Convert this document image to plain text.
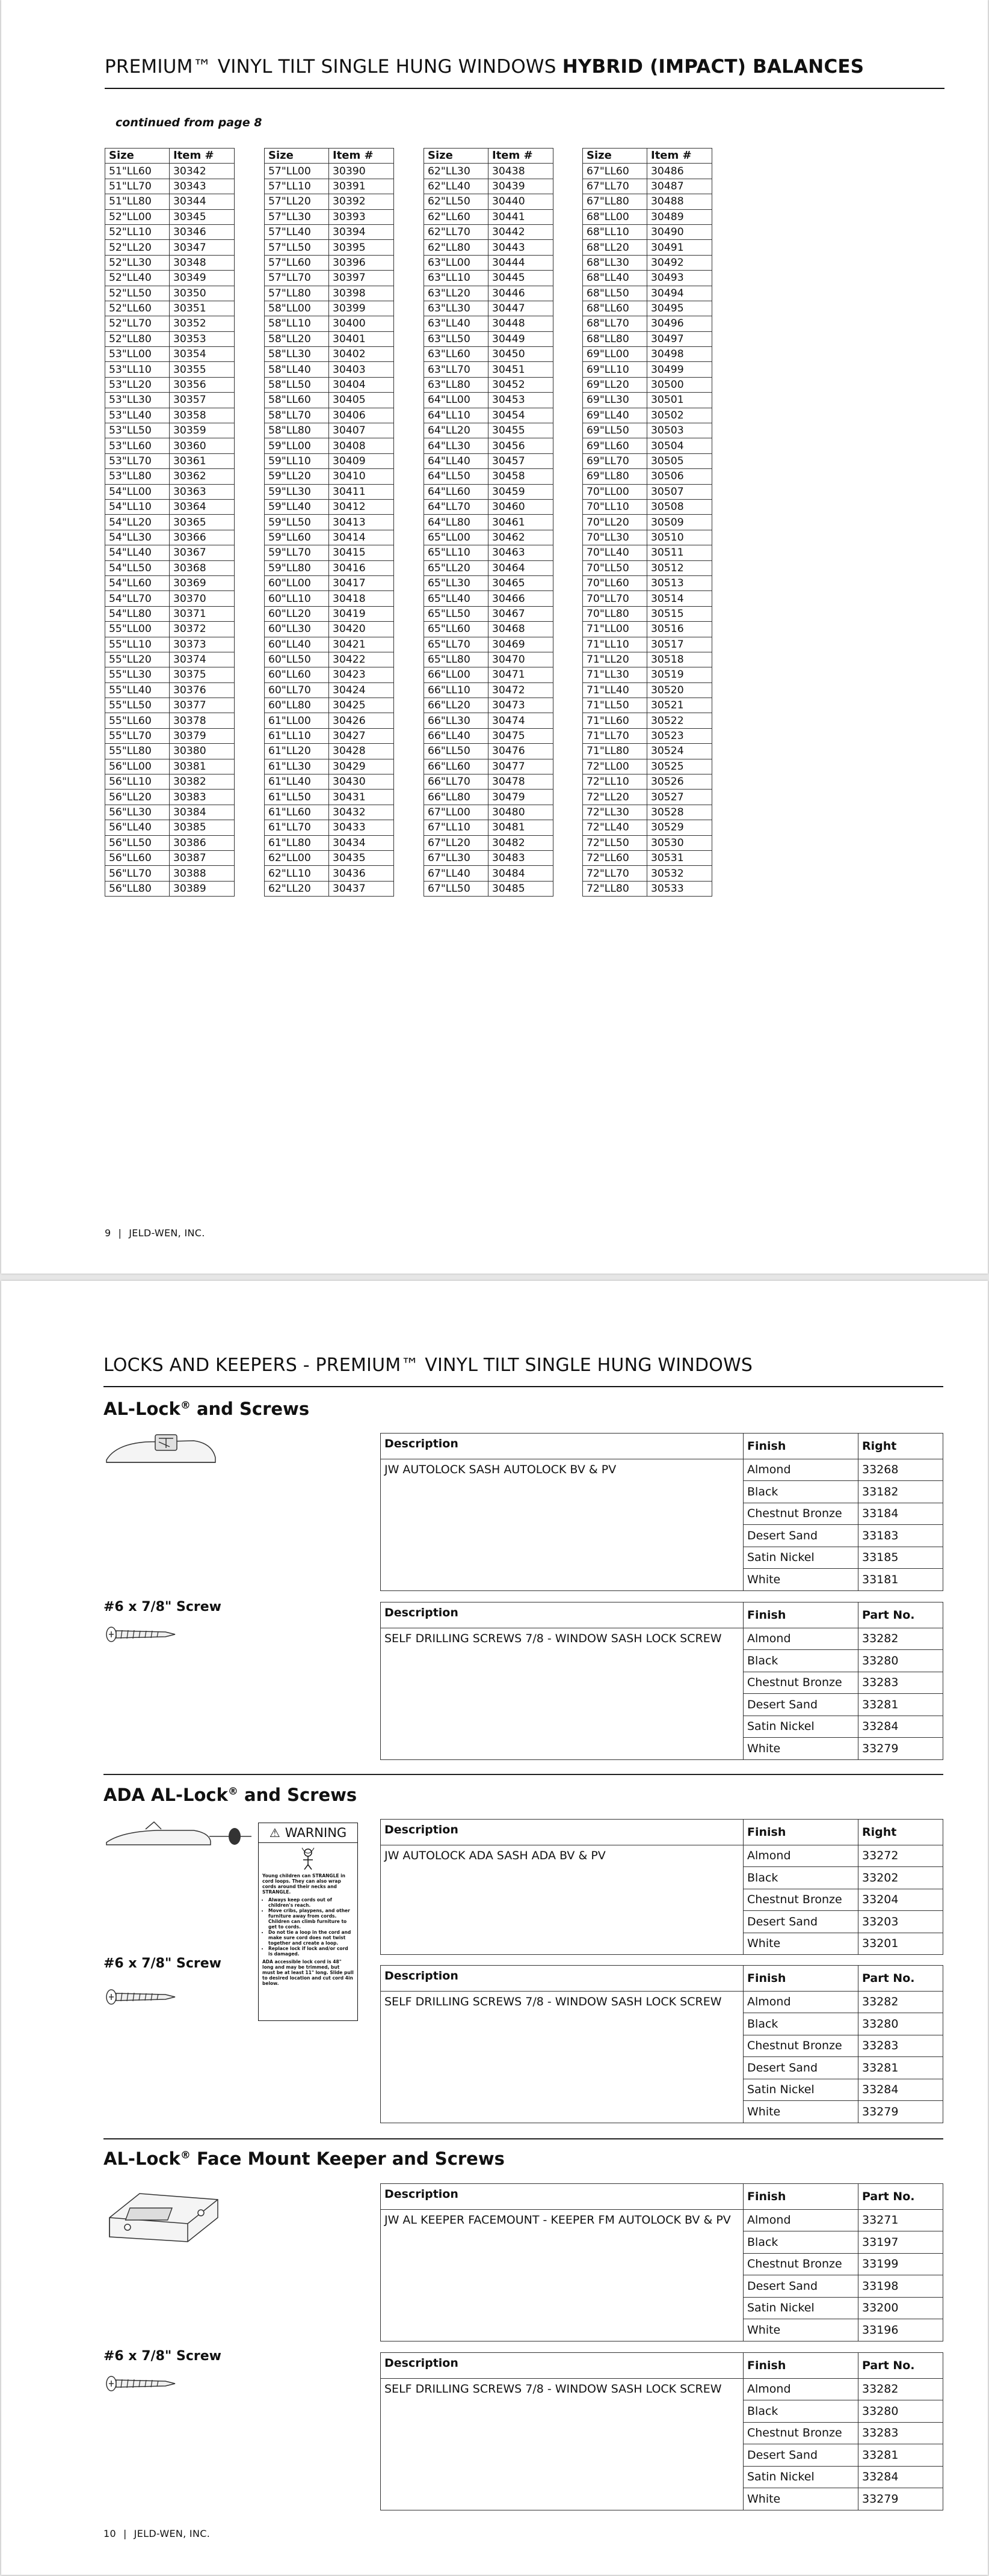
PREMIUM™ VINYL TILT SINGLE HUNG WINDOWS HYBRID (IMPACT) BALANCES
continued from page 8
Size	Item #
51"LL60	30342
51"LL70	30343
51"LL80	30344
52"LL00	30345
52"LL10	30346
52"LL20	30347
52"LL30	30348
52"LL40	30349
52"LL50	30350
52"LL60	30351
52"LL70	30352
52"LL80	30353
53"LL00	30354
53"LL10	30355
53"LL20	30356
53"LL30	30357
53"LL40	30358
53"LL50	30359
53"LL60	30360
53"LL70	30361
53"LL80	30362
54"LL00	30363
54"LL10	30364
54"LL20	30365
54"LL30	30366
54"LL40	30367
54"LL50	30368
54"LL60	30369
54"LL70	30370
54"LL80	30371
55"LL00	30372
55"LL10	30373
55"LL20	30374
55"LL30	30375
55"LL40	30376
55"LL50	30377
55"LL60	30378
55"LL70	30379
55"LL80	30380
56"LL00	30381
56"LL10	30382
56"LL20	30383
56"LL30	30384
56"LL40	30385
56"LL50	30386
56"LL60	30387
56"LL70	30388
56"LL80	30389
Size	Item #
57"LL00	30390
57"LL10	30391
57"LL20	30392
57"LL30	30393
57"LL40	30394
57"LL50	30395
57"LL60	30396
57"LL70	30397
57"LL80	30398
58"LL00	30399
58"LL10	30400
58"LL20	30401
58"LL30	30402
58"LL40	30403
58"LL50	30404
58"LL60	30405
58"LL70	30406
58"LL80	30407
59"LL00	30408
59"LL10	30409
59"LL20	30410
59"LL30	30411
59"LL40	30412
59"LL50	30413
59"LL60	30414
59"LL70	30415
59"LL80	30416
60"LL00	30417
60"LL10	30418
60"LL20	30419
60"LL30	30420
60"LL40	30421
60"LL50	30422
60"LL60	30423
60"LL70	30424
60"LL80	30425
61"LL00	30426
61"LL10	30427
61"LL20	30428
61"LL30	30429
61"LL40	30430
61"LL50	30431
61"LL60	30432
61"LL70	30433
61"LL80	30434
62"LL00	30435
62"LL10	30436
62"LL20	30437
Size	Item #
62"LL30	30438
62"LL40	30439
62"LL50	30440
62"LL60	30441
62"LL70	30442
62"LL80	30443
63"LL00	30444
63"LL10	30445
63"LL20	30446
63"LL30	30447
63"LL40	30448
63"LL50	30449
63"LL60	30450
63"LL70	30451
63"LL80	30452
64"LL00	30453
64"LL10	30454
64"LL20	30455
64"LL30	30456
64"LL40	30457
64"LL50	30458
64"LL60	30459
64"LL70	30460
64"LL80	30461
65"LL00	30462
65"LL10	30463
65"LL20	30464
65"LL30	30465
65"LL40	30466
65"LL50	30467
65"LL60	30468
65"LL70	30469
65"LL80	30470
66"LL00	30471
66"LL10	30472
66"LL20	30473
66"LL30	30474
66"LL40	30475
66"LL50	30476
66"LL60	30477
66"LL70	30478
66"LL80	30479
67"LL00	30480
67"LL10	30481
67"LL20	30482
67"LL30	30483
67"LL40	30484
67"LL50	30485
Size	Item #
67"LL60	30486
67"LL70	30487
67"LL80	30488
68"LL00	30489
68"LL10	30490
68"LL20	30491
68"LL30	30492
68"LL40	30493
68"LL50	30494
68"LL60	30495
68"LL70	30496
68"LL80	30497
69"LL00	30498
69"LL10	30499
69"LL20	30500
69"LL30	30501
69"LL40	30502
69"LL50	30503
69"LL60	30504
69"LL70	30505
69"LL80	30506
70"LL00	30507
70"LL10	30508
70"LL20	30509
70"LL30	30510
70"LL40	30511
70"LL50	30512
70"LL60	30513
70"LL70	30514
70"LL80	30515
71"LL00	30516
71"LL10	30517
71"LL20	30518
71"LL30	30519
71"LL40	30520
71"LL50	30521
71"LL60	30522
71"LL70	30523
71"LL80	30524
72"LL00	30525
72"LL10	30526
72"LL20	30527
72"LL30	30528
72"LL40	30529
72"LL50	30530
72"LL60	30531
72"LL70	30532
72"LL80	30533
9 | JELD-WEN, INC.
LOCKS AND KEEPERS - PREMIUM™ VINYL TILT SINGLE HUNG WINDOWS
AL-Lock® and Screws
Description	Finish	Right
JW AUTOLOCK SASH AUTOLOCK BV & PV	Almond	33268
	Black	33182
	Chestnut Bronze	33184
	Desert Sand	33183
	Satin Nickel	33185
	White	33181
#6 x 7/8" Screw	Description	Finish	Part No.
SELF DRILLING SCREWS 7/8 - WINDOW SASH LOCK SCREW	Almond	33282
	Black	33280
	Chestnut Bronze	33283
	Desert Sand	33281
	Satin Nickel	33284
	White	33279
ADA AL-Lock® and Screws
⚠ WARNING

Young children can STRANGLE in cord loops. They can also wrap cords around their necks and STRANGLE.

• Always keep cords out of children's reach.
• Move cribs, playpens, and other furniture away from cords. Children can climb furniture to get to cords.
• Do not tie a loop in the cord and make sure cord does not twist together and create a loop.
• Replace lock if lock and/or cord is damaged.

ADA accessible lock cord is 48" long and may be trimmed, but must be at least 11" long. Slide pull to desired location and cut cord 4in below.

Description	Finish	Right
JW AUTOLOCK ADA SASH ADA BV & PV	Almond	33272
	Black	33202
	Chestnut Bronze	33204
	Desert Sand	33203
	White	33201
#6 x 7/8" Screw
Description	Finish	Part No.
SELF DRILLING SCREWS 7/8 - WINDOW SASH LOCK SCREW	Almond	33282
	Black	33280
	Chestnut Bronze	33283
	Desert Sand	33281
	Satin Nickel	33284
	White	33279
AL-Lock® Face Mount Keeper and Screws
Description	Finish	Part No.
JW AL KEEPER FACEMOUNT - KEEPER FM AUTOLOCK BV & PV	Almond	33271
	Black	33197
	Chestnut Bronze	33199
	Desert Sand	33198
	Satin Nickel	33200
	White	33196
#6 x 7/8" Screw	Description	Finish	Part No.
SELF DRILLING SCREWS 7/8 - WINDOW SASH LOCK SCREW	Almond	33282
	Black	33280
	Chestnut Bronze	33283
	Desert Sand	33281
	Satin Nickel	33284
	White	33279
10 | JELD-WEN, INC.
